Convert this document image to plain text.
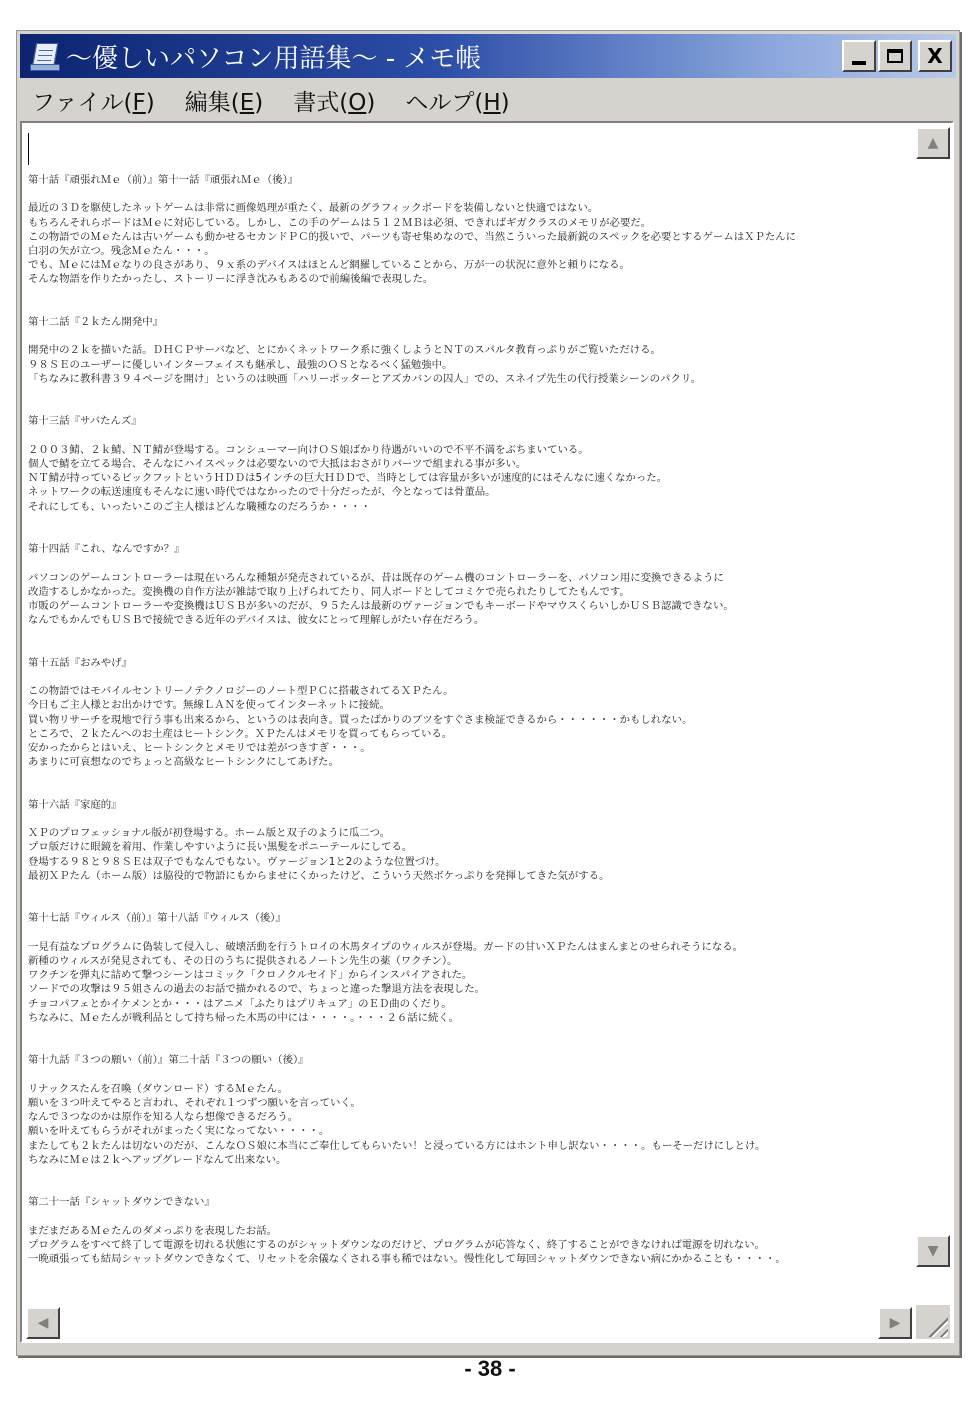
～優しいパソコン用語集～ - メモ帳	X
ファイル(F) 編集(E) 書式(O) ヘルプ(H)
第十話『頑張れＭｅ（前）』第十一話『頑張れＭｅ（後）』
最近の３Ｄを駆使したネットゲームは非常に画像処理が重たく、最新のグラフィックボードを装備しないと快適ではない。
もちろんそれらボードはＭｅに対応している。しかし、この手のゲームは５１２ＭＢは必須、できればギガクラスのメモリが必要だ。
この物語でのＭｅたんは古いゲームも動かせるセカンドＰＣ的扱いで、パーツも寄せ集めなので、当然こういった最新鋭のスペックを必要とするゲームはＸＰたんに
白羽の矢が立つ。残念Ｍｅたん・・・。
でも、ＭｅにはＭｅなりの良さがあり、９ｘ系のデバイスはほとんど網羅していることから、万が一の状況に意外と頼りになる。
そんな物語を作りたかったし、ストーリーに浮き沈みもあるので前編後編で表現した。
第十二話『２ｋたん開発中』
開発中の２ｋを描いた話。ＤＨＣＰサーバなど、とにかくネットワーク系に強くしようとＮＴのスパルタ教育っぷりがご覧いただける。
９８ＳＥのユーザーに優しいインターフェイスも継承し、最強のＯＳとなるべく猛勉強中。
「ちなみに教科書３９４ページを開け」というのは映画「ハリーポッターとアズカバンの囚人」での、スネイプ先生の代行授業シーンのパクリ。
第十三話『サバたんズ』
２００３鯖、２ｋ鯖、ＮＴ鯖が登場する。コンシューマー向けＯＳ娘ばかり待遇がいいので不平不満をぶちまいている。
個人で鯖を立てる場合、そんなにハイスペックは必要ないので大抵はおさがりパーツで組まれる事が多い。
ＮＴ鯖が持っているビックフットというＨＤＤは5インチの巨大ＨＤＤで、当時としては容量が多いが速度的にはそんなに速くなかった。
ネットワークの転送速度もそんなに速い時代ではなかったので十分だったが、今となっては骨董品。
それにしても、いったいこのご主人様はどんな職種なのだろうか・・・・
第十四話『これ、なんですか？』
パソコンのゲームコントローラーは現在いろんな種類が発売されているが、昔は既存のゲーム機のコントローラーを、パソコン用に変換できるように
改造するしかなかった。変換機の自作方法が雑誌で取り上げられてたり、同人ボードとしてコミケで売られたりしてたもんです。
市販のゲームコントローラーや変換機はＵＳＢが多いのだが、９５たんは最新のヴァージョンでもキーボードやマウスくらいしかＵＳＢ認識できない。
なんでもかんでもＵＳＢで接続できる近年のデバイスは、彼女にとって理解しがたい存在だろう。
第十五話『おみやげ』
この物語ではモバイルセントリーノテクノロジーのノート型ＰＣに搭載されてるＸＰたん。
今日もご主人様とお出かけです。無線ＬＡＮを使ってインターネットに接続。
買い物リサーチを現地で行う事も出来るから、というのは表向き。買ったばかりのブツをすぐさま検証できるから・・・・・・かもしれない。
ところで、２ｋたんへのお土産はヒートシンク。ＸＰたんはメモリを買ってもらっている。
安かったからとはいえ、ヒートシンクとメモリでは差がつきすぎ・・・。
あまりに可哀想なのでちょっと高級なヒートシンクにしてあげた。
第十六話『家庭的』
ＸＰのプロフェッショナル版が初登場する。ホーム版と双子のように瓜二つ。
プロ版だけに眼鏡を着用、作業しやすいように長い黒髪をポニーテールにしてる。
登場する９８と９８ＳＥは双子でもなんでもない。ヴァージョン1と2のような位置づけ。
最初ＸＰたん（ホーム版）は脇役的で物語にもからませにくかったけど、こういう天然ボケっぷりを発揮してきた気がする。
第十七話『ウィルス（前）』第十八話『ウィルス（後）』
一見有益なプログラムに偽装して侵入し、破壊活動を行うトロイの木馬タイプのウィルスが登場。ガードの甘いＸＰたんはまんまとのせられそうになる。
新種のウィルスが発見されても、その日のうちに提供されるノートン先生の薬（ワクチン）。
ワクチンを弾丸に詰めて撃つシーンはコミック「クロノクルセイド」からインスパイアされた。
ソードでの攻撃は９５姐さんの過去のお話で描かれるので、ちょっと違った撃退方法を表現した。
チョコパフェとかイケメンとか・・・はアニメ「ふたりはプリキュア」のＥＤ曲のくだり。
ちなみに、Ｍｅたんが戦利品として持ち帰った木馬の中には・・・・。・・・２６話に続く。
第十九話『３つの願い（前）』第二十話『３つの願い（後）』
リナックスたんを召喚（ダウンロード）するＭｅたん。
願いを３つ叶えてやると言われ、それぞれ１つずつ願いを言っていく。
なんで３つなのかは原作を知る人なら想像できるだろう。
願いを叶えてもらうがそれがまったく実になってない・・・・。
またしても２ｋたんは切ないのだが、こんなＯＳ娘に本当にご奉仕してもらいたい！と浸っている方にはホント申し訳ない・・・・。もーそーだけにしとけ。
ちなみにＭｅは２ｋへアップグレードなんて出来ない。
第二十一話『シャットダウンできない』
まだまだあるＭｅたんのダメっぷりを表現したお話。
プログラムをすべて終了して電源を切れる状態にするのがシャットダウンなのだけど、プログラムが応答なく、終了することができなければ電源を切れない。
一晩頑張っても結局シャットダウンできなくて、リセットを余儀なくされる事も稀ではない。慢性化して毎回シャットダウンできない病にかかることも・・・・。
▲
▼
◀	▶
- 38 -
